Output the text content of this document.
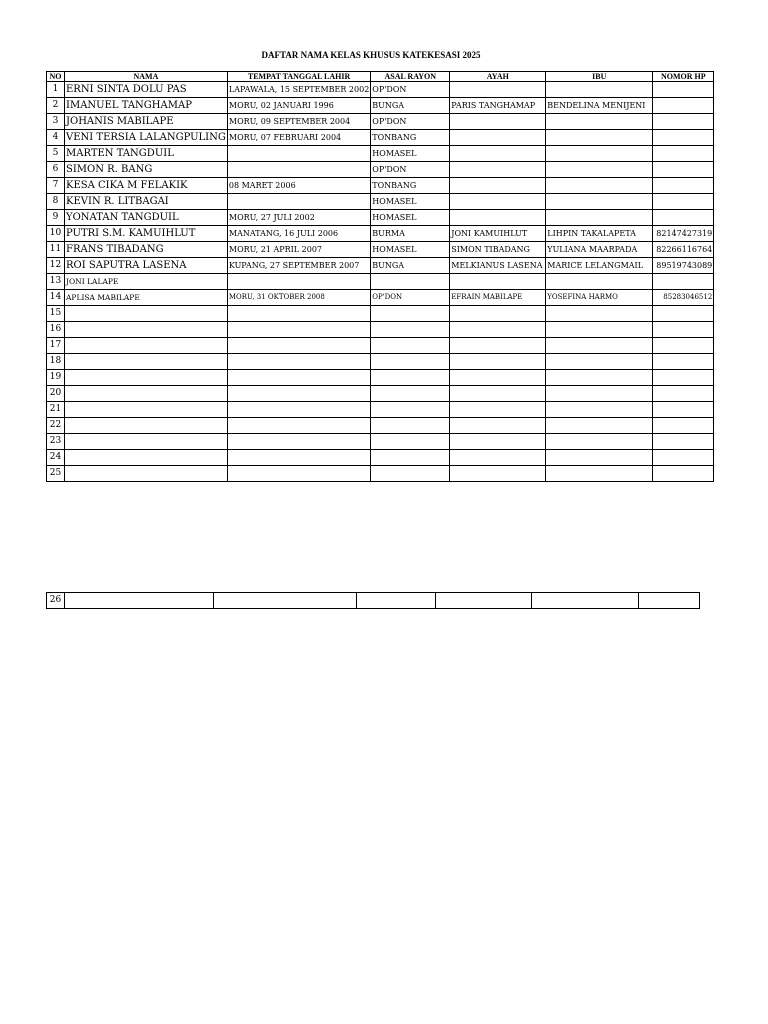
DAFTAR NAMA KELAS KHUSUS KATEKESASI 2025
NO	NAMA	TEMPAT TANGGAL LAHIR	ASAL RAYON	AYAH	IBU	NOMOR HP
1	ERNI SINTA DOLU PAS	LAPAWALA, 15 SEPTEMBER 2002	OP'DON			
2	IMANUEL TANGHAMAP	MORU, 02 JANUARI 1996	BUNGA	PARIS TANGHAMAP	BENDELINA MENIJENI	
3	JOHANIS MABILAPE	MORU, 09 SEPTEMBER 2004	OP'DON			
4	VENI TERSIA LALANGPULING	MORU, 07 FEBRUARI 2004	TONBANG			
5	MARTEN TANGDUIL		HOMASEL			
6	SIMON R. BANG		OP'DON			
7	KESA CIKA M FELAKIK	08 MARET 2006	TONBANG			
8	KEVIN R. LITBAGAI		HOMASEL			
9	YONATAN TANGDUIL	MORU, 27 JULI 2002	HOMASEL			
10	PUTRI S.M. KAMUIHLUT	MANATANG, 16 JULI 2006	BURMA	JONI KAMUIHLUT	LIHPIN TAKALAPETA	82147427319
11	FRANS TIBADANG	MORU, 21 APRIL 2007	HOMASEL	SIMON TIBADANG	YULIANA MAARPADA	82266116764
12	ROI SAPUTRA LASENA	KUPANG, 27 SEPTEMBER 2007	BUNGA	MELKIANUS LASENA	MARICE LELANGMAIL	89519743089
13	JONI LALAPE					
14	APLISA MABILAPE	MORU, 31 OKTOBER 2008	OP'DON	EFRAIN MABILAPE	YOSEFINA HARMO	85283046512
15						
16						
17						
18						
19						
20						
21						
22						
23						
24						
25						
26						
